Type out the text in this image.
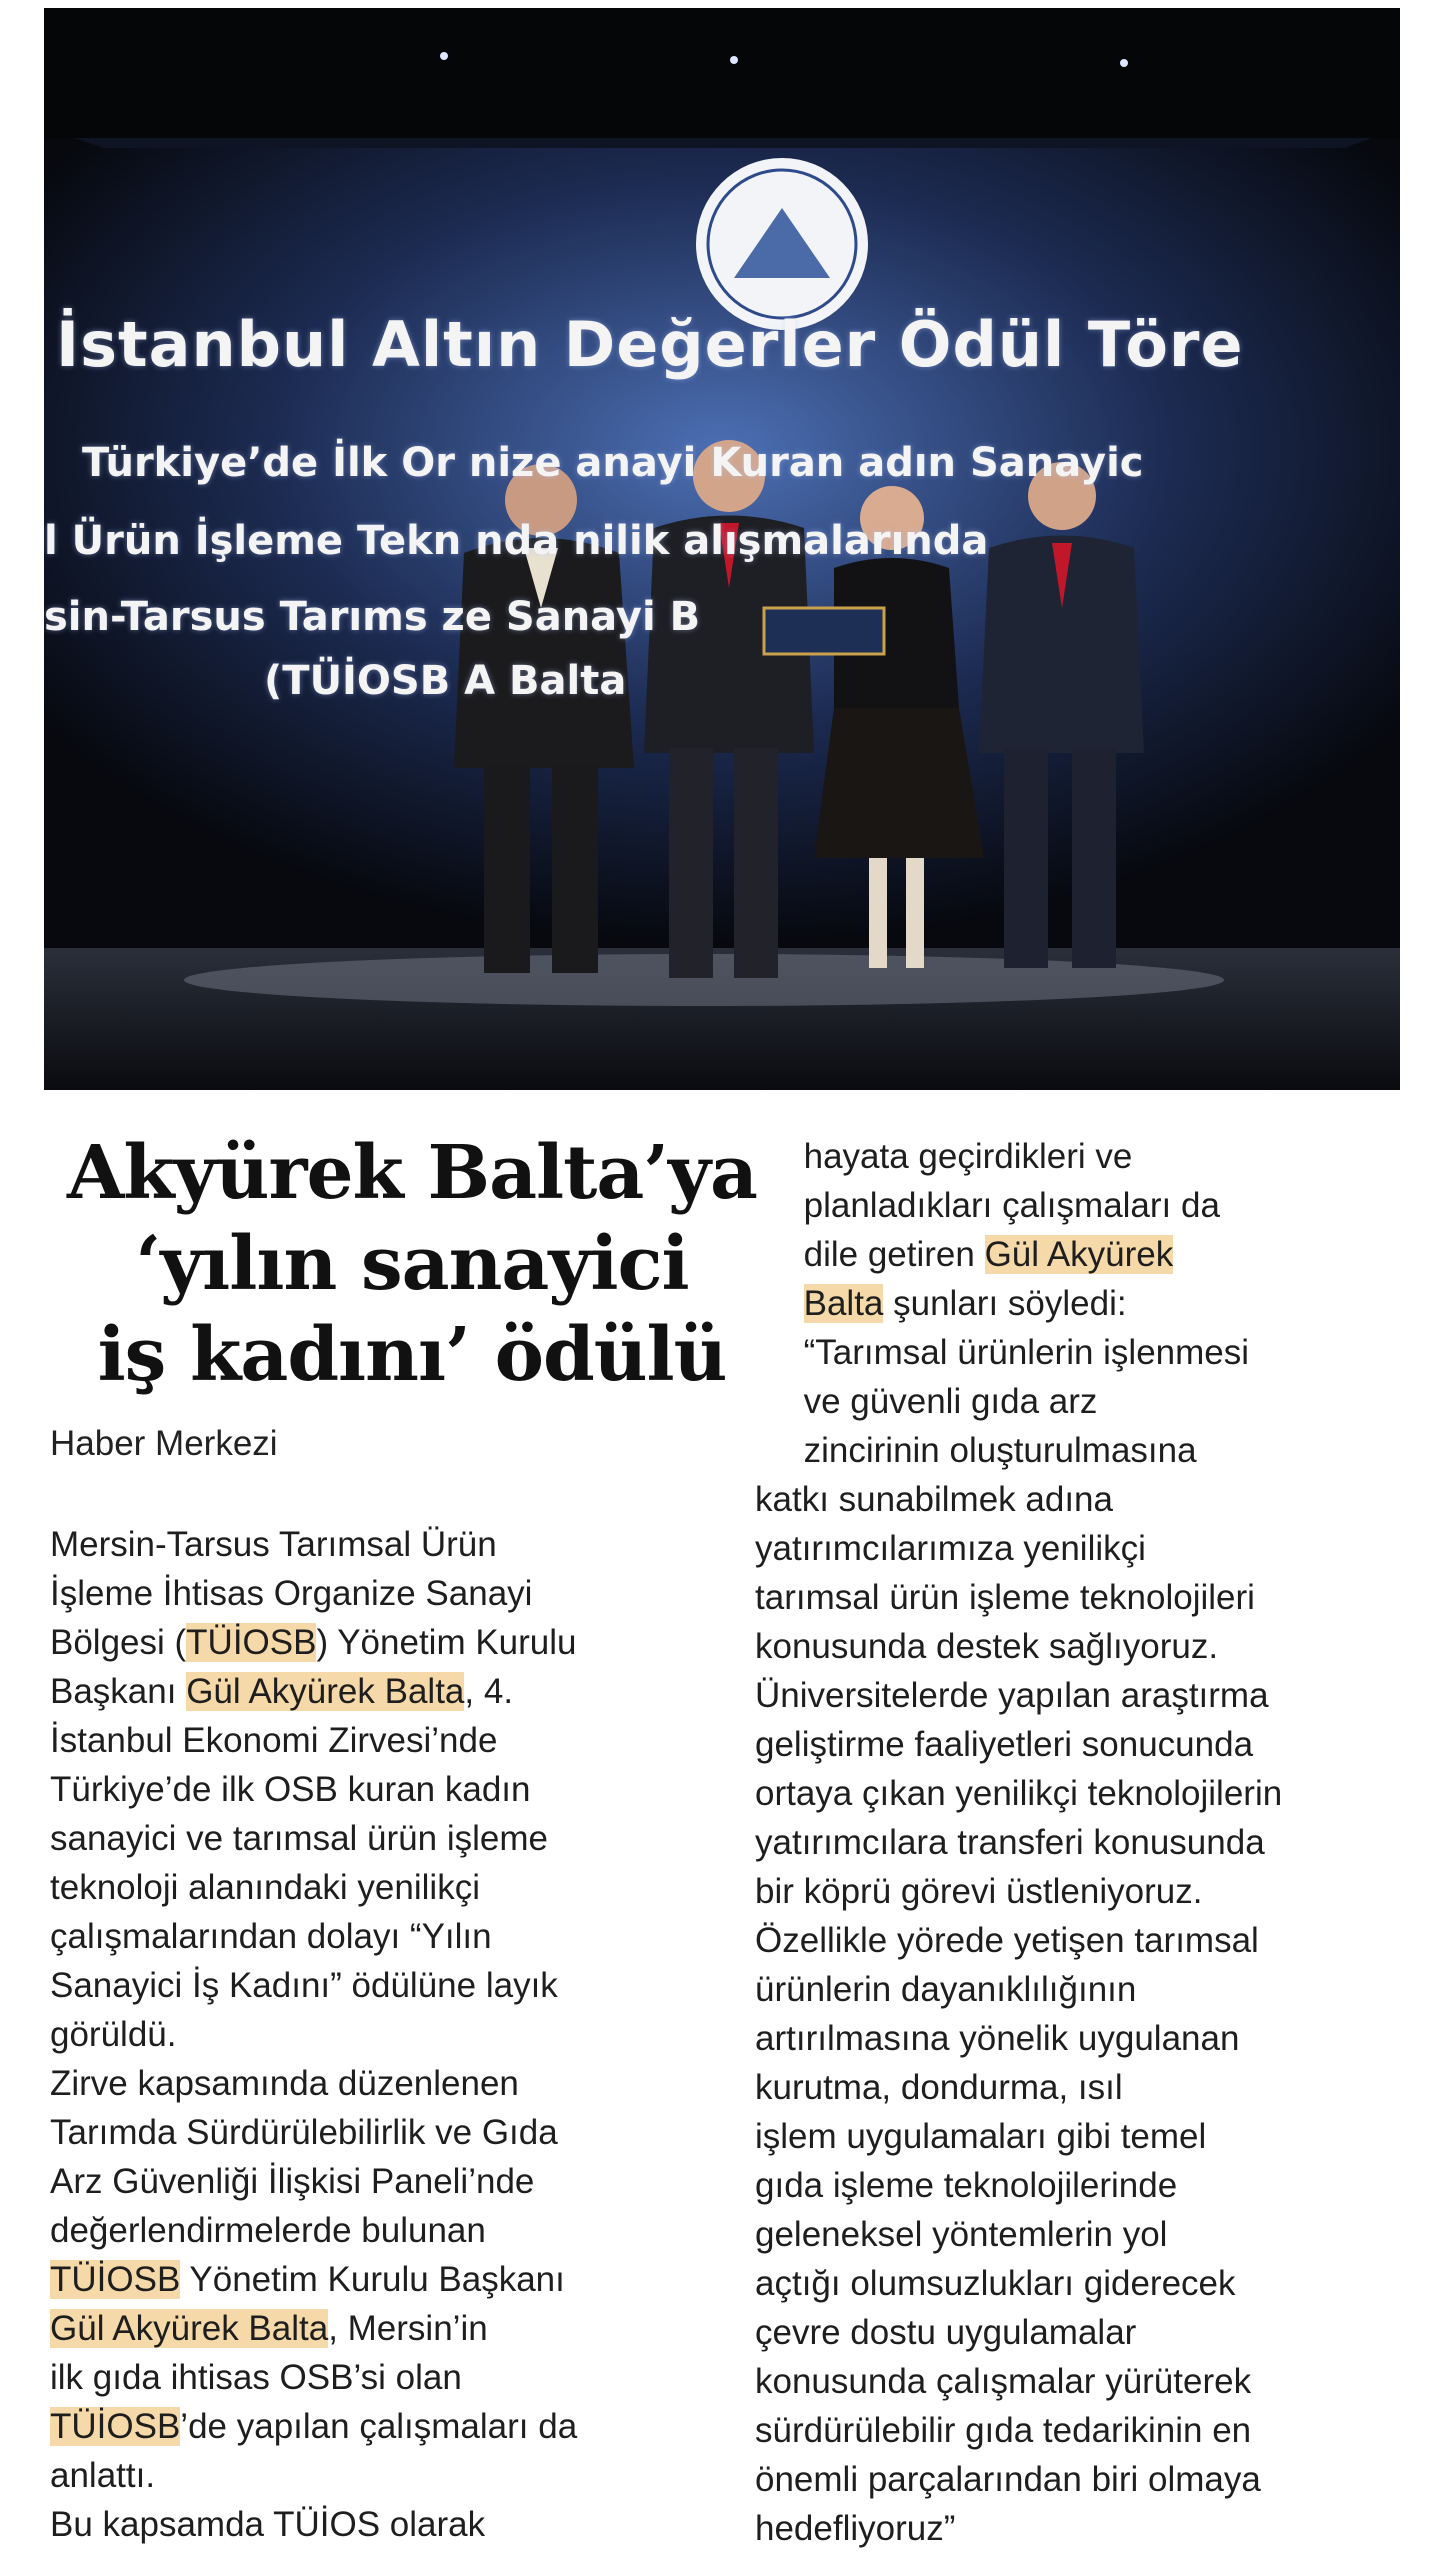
İstanbul Altın Değerler Ödül Töre
Türkiye’de İlk Or nize anayi Kuran adın Sanayic
l Ürün İşleme Tekn nda nilik alışmalarında
sin-Tarsus Tarıms ze Sanayi B
(TÜİOSB A Balta
Akyürek Balta’ya
‘yılın sanayici
iş kadını’ ödülü
Haber Merkezi

Mersin-Tarsus Tarımsal Ürün

İşleme İhtisas Organize Sanayi

Bölgesi (TÜİOSB) Yönetim Kurulu

Başkanı Gül Akyürek Balta, 4.

İstanbul Ekonomi Zirvesi’nde

Türkiye’de ilk OSB kuran kadın

sanayici ve tarımsal ürün işleme

teknoloji alanındaki yenilikçi

çalışmalarından dolayı “Yılın

Sanayici İş Kadını” ödülüne layık

görüldü.

Zirve kapsamında düzenlenen

Tarımda Sürdürülebilirlik ve Gıda

Arz Güvenliği İlişkisi Paneli’nde

değerlendirmelerde bulunan

TÜİOSB Yönetim Kurulu Başkanı

Gül Akyürek Balta, Mersin’in

ilk gıda ihtisas OSB’si olan

TÜİOSB’de yapılan çalışmaları da

anlattı.

Bu kapsamda TÜİOS olarak

hayata geçirdikleri ve

planladıkları çalışmaları da

dile getiren Gül Akyürek

Balta şunları söyledi:

“Tarımsal ürünlerin işlenmesi

ve güvenli gıda arz

zincirinin oluşturulmasına

katkı sunabilmek adına

yatırımcılarımıza yenilikçi

tarımsal ürün işleme teknolojileri

konusunda destek sağlıyoruz.

Üniversitelerde yapılan araştırma

geliştirme faaliyetleri sonucunda

ortaya çıkan yenilikçi teknolojilerin

yatırımcılara transferi konusunda

bir köprü görevi üstleniyoruz.

Özellikle yörede yetişen tarımsal

ürünlerin dayanıklılığının

artırılmasına yönelik uygulanan

kurutma, dondurma, ısıl

işlem uygulamaları gibi temel

gıda işleme teknolojilerinde

geleneksel yöntemlerin yol

açtığı olumsuzlukları giderecek

çevre dostu uygulamalar

konusunda çalışmalar yürüterek

sürdürülebilir gıda tedarikinin en

önemli parçalarından biri olmaya

hedefliyoruz”
